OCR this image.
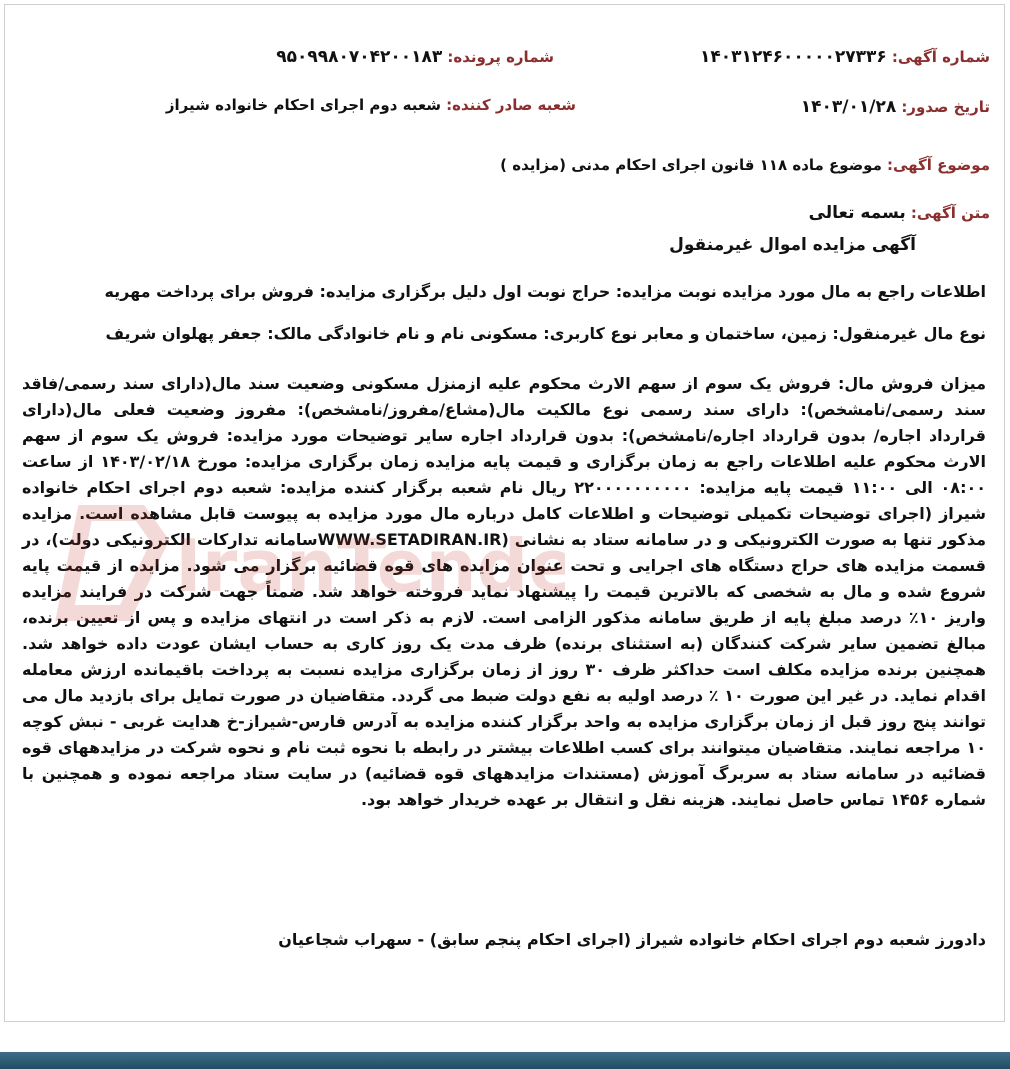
شماره آگهی: ۱۴۰۳۱۲۴۶۰۰۰۰۰۲۷۳۳۶
شماره پرونده: ۹۵۰۹۹۸۰۷۰۴۲۰۰۱۸۳
تاریخ صدور: ۱۴۰۳/۰۱/۲۸
شعبه صادر کننده: شعبه دوم اجرای احکام خانواده شیراز
موضوع آگهی: موضوع ماده ۱۱۸ قانون اجرای احکام مدنی (مزایده )
متن آگهی: بسمه تعالی
آگهی مزایده اموال غیرمنقول
اطلاعات راجع به مال مورد مزایده نوبت مزایده: حراج نوبت اول دلیل برگزاری مزایده: فروش برای پرداخت مهریه
نوع مال غیرمنقول: زمین، ساختمان و معابر نوع کاربری: مسکونی نام و نام خانوادگی مالک: جعفر پهلوان شریف
میزان فروش مال: فروش یک سوم از سهم الارث محکوم علیه ازمنزل مسکونی وضعیت سند مال(دارای سند رسمی/فاقد سند رسمی/نامشخص): دارای سند رسمی نوع مالکیت مال(مشاع/مفروز/نامشخص): مفروز وضعیت فعلی مال(دارای قرارداد اجاره/ بدون قرارداد اجاره/نامشخص): بدون قرارداد اجاره سایر توضیحات مورد مزایده: فروش یک سوم از سهم الارث محکوم علیه اطلاعات راجع به زمان برگزاری و قیمت پایه مزایده زمان برگزاری مزایده: مورخ ۱۴۰۳/۰۲/۱۸ از ساعت ۰۸:۰۰ الی ۱۱:۰۰ قیمت پایه مزایده: ۲۲۰۰۰۰۰۰۰۰۰۰ ریال نام شعبه برگزار کننده مزایده: شعبه دوم اجرای احکام خانواده شیراز (اجرای توضیحات تکمیلی توضیحات و اطلاعات کامل درباره مال مورد مزایده به پیوست قابل مشاهده است. مزایده مذکور تنها به صورت الکترونیکی و در سامانه ستاد به نشانی (WWW.SETADIRAN.IRسامانه تدارکات الکترونیکی دولت)، در قسمت مزایده های حراج دستگاه های اجرایی و تحت عنوان مزایده های قوه قضائیه برگزار می شود. مزایده از قیمت پایه شروع شده و مال به شخصی که بالاترین قیمت را پیشنهاد نماید فروخته خواهد شد. ضمناً جهت شرکت در فرایند مزایده واریز ۱۰٪ درصد مبلغ پایه از طریق سامانه مذکور الزامی است. لازم به ذکر است در انتهای مزایده و پس از تعیین برنده، مبالغ تضمین سایر شرکت کنندگان (به استثنای برنده) ظرف مدت یک روز کاری به حساب ایشان عودت داده خواهد شد. همچنین برنده مزایده مکلف است حداکثر ظرف ۳۰ روز از زمان برگزاری مزایده نسبت به پرداخت باقیمانده ارزش معامله اقدام نماید. در غیر این صورت ۱۰ ٪ درصد اولیه به نفع دولت ضبط می گردد. متقاضیان در صورت تمایل برای بازدید مال می توانند پنج روز قبل از زمان برگزاری مزایده به واحد برگزار کننده مزایده به آدرس فارس-شیراز-خ هدایت غربی - نبش کوچه ۱۰ مراجعه نمایند. متقاضیان میتوانند برای کسب اطلاعات بیشتر در رابطه با نحوه ثبت نام و نحوه شرکت در مزایدههای قوه قضائیه در سامانه ستاد به سربرگ آموزش (مستندات مزایدههای قوه قضائیه) در سایت ستاد مراجعه نموده و همچنین با شماره ۱۴۵۶ تماس حاصل نمایند. هزینه نقل و انتقال بر عهده خریدار خواهد بود.
دادورز شعبه دوم اجرای احکام خانواده شیراز (اجرای احکام پنجم سابق) - سهراب شجاعیان
IranTende
